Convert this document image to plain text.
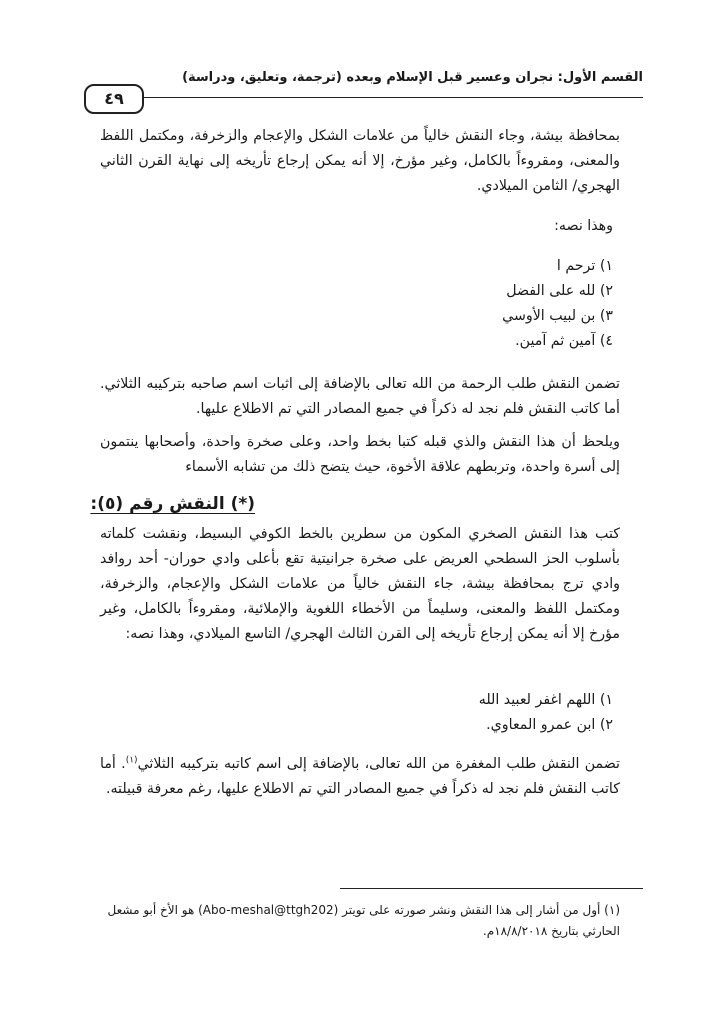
القسم الأول: نجران وعسير قبل الإسلام وبعده (ترجمة، وتعليق، ودراسة)
٤٩

بمحافظة بيشة، وجاء النقش خالياً من علامات الشكل والإعجام والزخرفة، ومكتمل اللفظ والمعنى، ومقروءاً بالكامل، وغير مؤرخ، إلا أنه يمكن إرجاع تأريخه إلى نهاية القرن الثاني الهجري/ الثامن الميلادي.

وهذا نصه:
١) ترحم ا
٢) لله على الفضل
٣) بن لبيب الأوسي
٤) آمين ثم آمين.

تضمن النقش طلب الرحمة من الله تعالى بالإضافة إلى اثبات اسم صاحبه بتركيبه الثلاثي. أما كاتب النقش فلم نجد له ذكراً في جميع المصادر التي تم الاطلاع عليها.

ويلحظ أن هذا النقش والذي قبله كتبا بخط واحد، وعلى صخرة واحدة، وأصحابها ينتمون إلى أسرة واحدة، وتربطهم علاقة الأخوة، حيث يتضح ذلك من تشابه الأسماء

(*) النقش رقم (٥):

كتب هذا النقش الصخري المكون من سطرين بالخط الكوفي البسيط، ونقشت كلماته بأسلوب الحز السطحي العريض على صخرة جرانيتية تقع بأعلى وادي حوران- أحد روافد وادي ترج بمحافظة بيشة، جاء النقش خالياً من علامات الشكل والإعجام، والزخرفة، ومكتمل اللفظ والمعنى، وسليماً من الأخطاء اللغوية والإملائية، ومقروءاً بالكامل، وغير مؤرخ إلا أنه يمكن إرجاع تأريخه إلى القرن الثالث الهجري/ التاسع الميلادي، وهذا نصه:

١) اللهم اغفر لعبيد الله
٢) ابن عمرو المعاوي.

تضمن النقش طلب المغفرة من الله تعالى، بالإضافة إلى اسم كاتبه بتركيبه الثلاثي$^{(١)}$. أما كاتب النقش فلم نجد له ذكراً في جميع المصادر التي تم الاطلاع عليها، رغم معرفة قبيلته.

(١) أول من أشار إلى هذا النقش ونشر صورته على تويتر (Abo-meshal@ttgh202) هو الأخ أبو مشعل الحارثي بتاريخ ١٨/٨/٢٠١٨م.
